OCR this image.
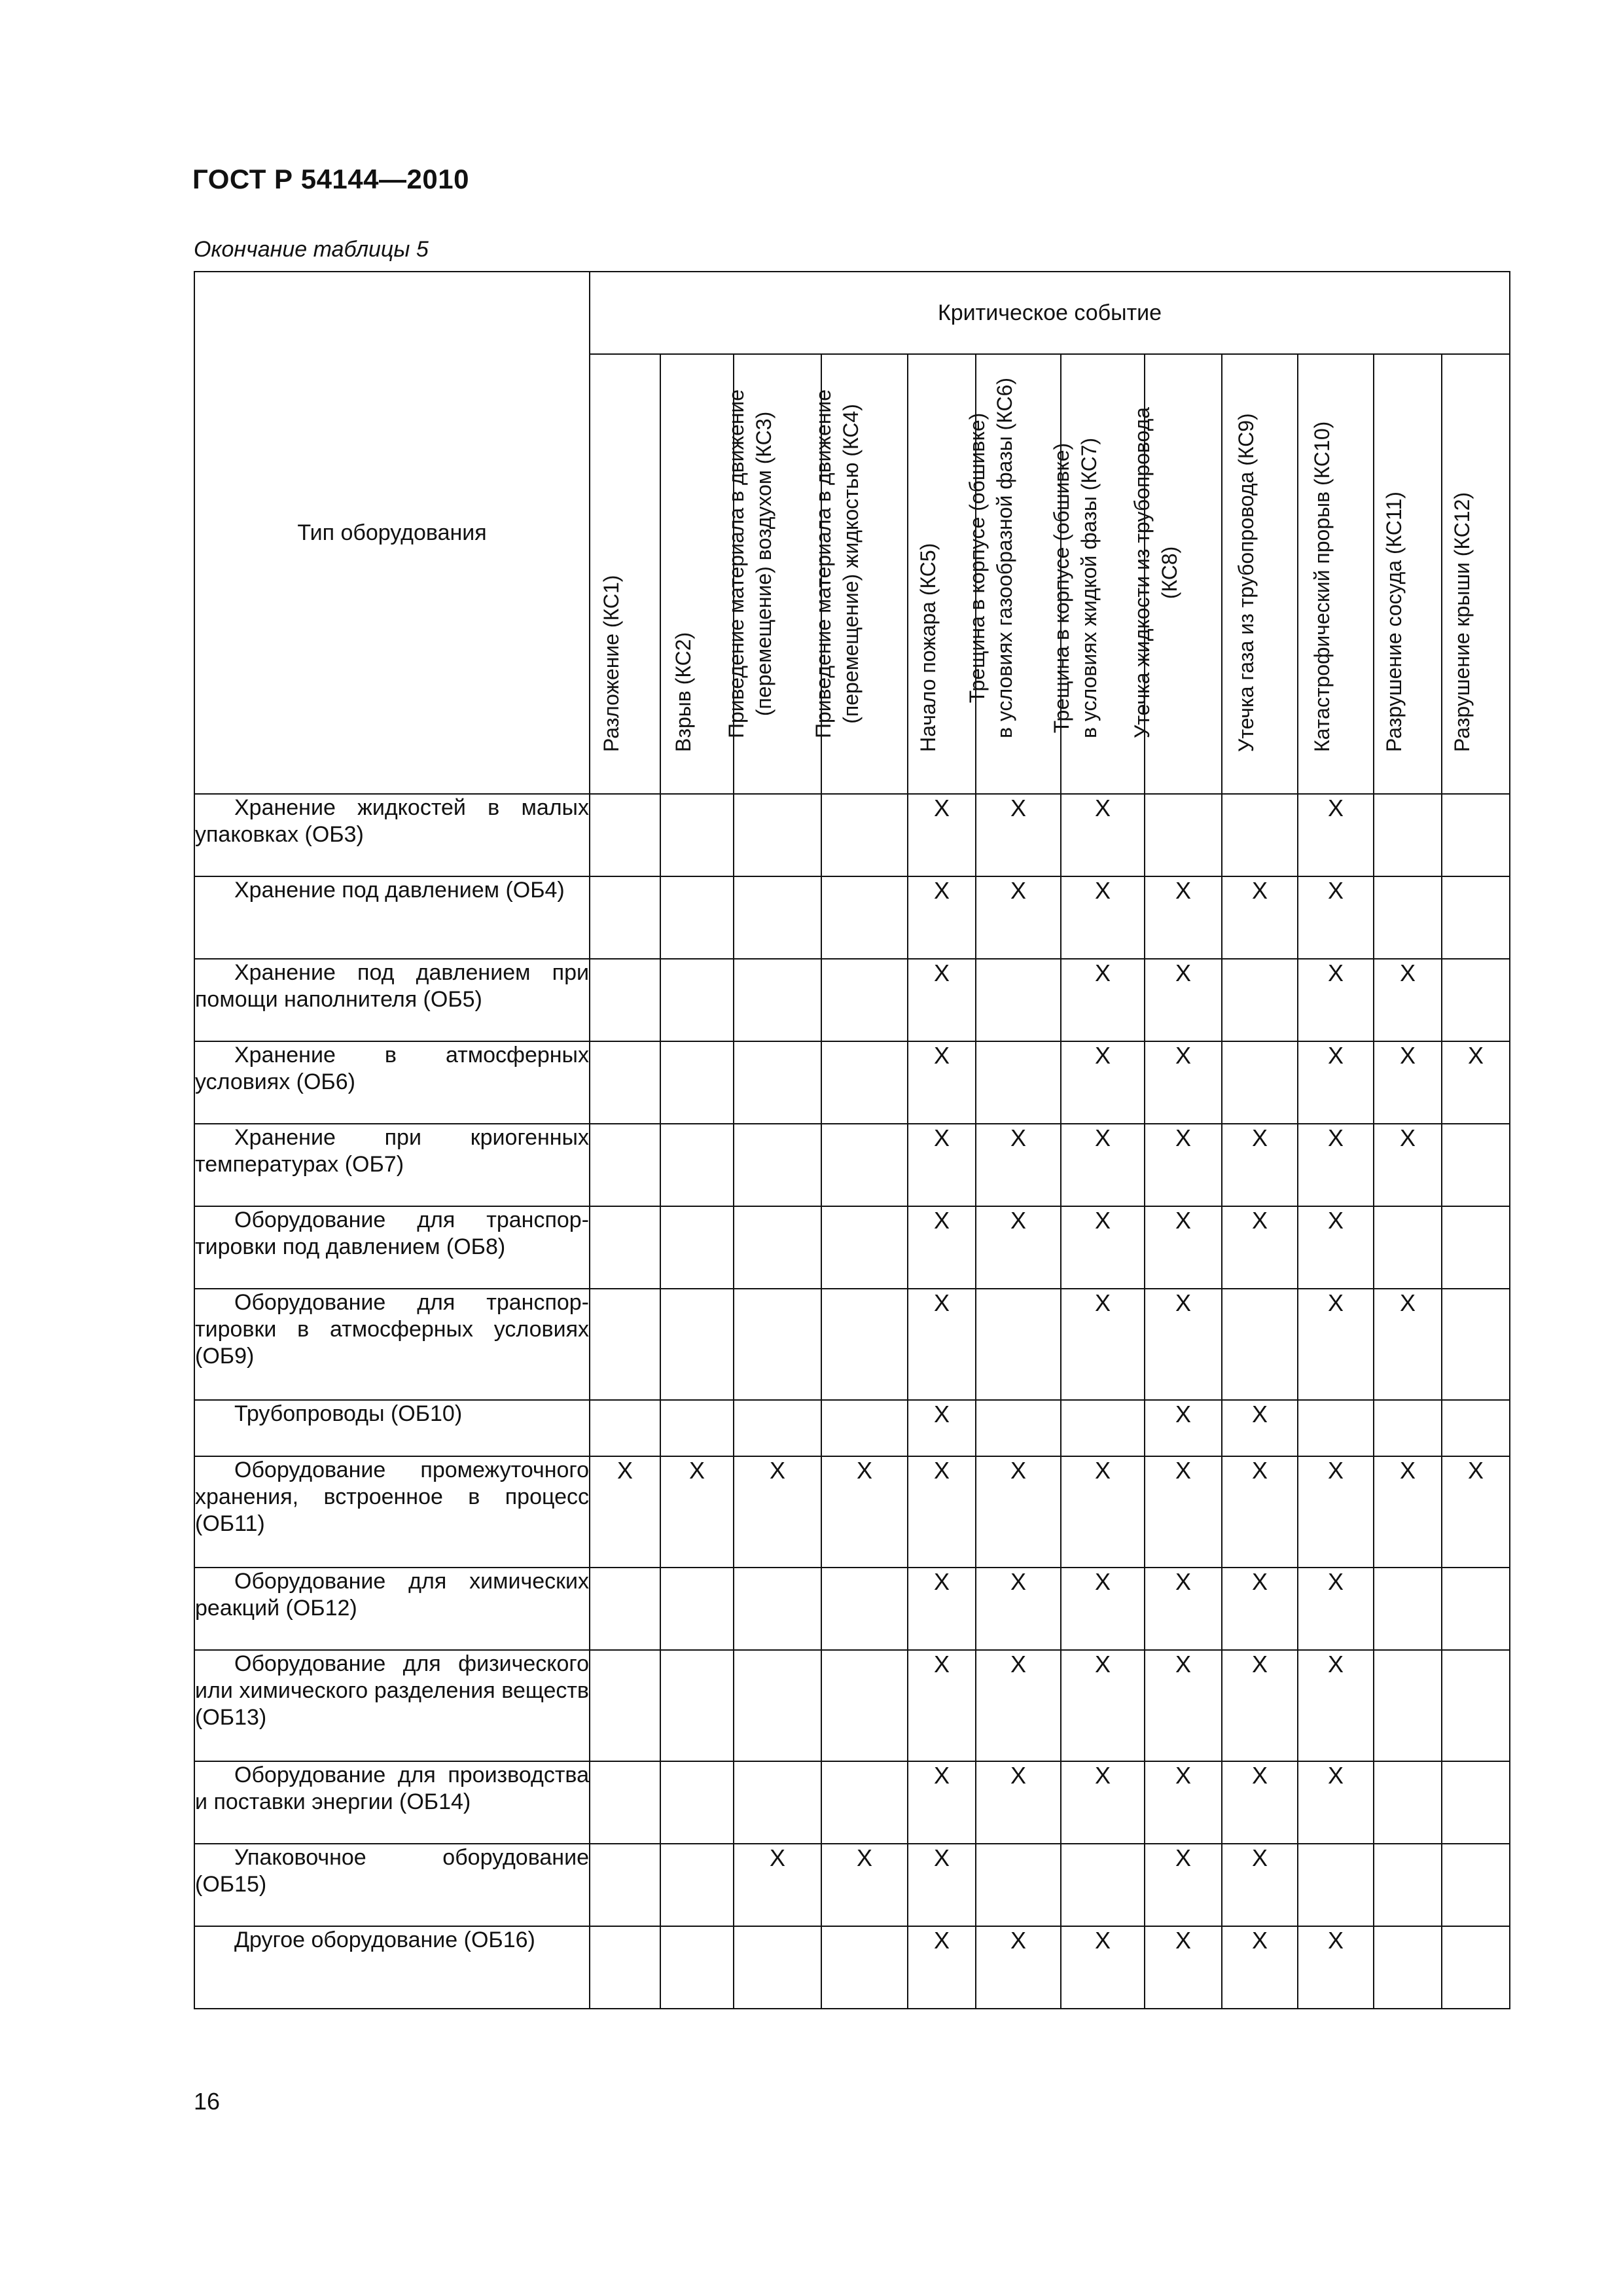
ГОСТ Р 54144—2010
Окончание таблицы 5
Тип оборудования	Критическое событие											

	Разложение (КС1)	Взрыв (КС2)	Приведение материала в движение (перемещение) воздухом (КС3)	Приведение материала в движение (перемещение) жидкостью (КС4)	Начало пожара (КС5)	Трещина в корпусе (обшивке) в условиях газообразной фазы (КС6)	Трещина в корпусе (обшивке) в условиях жидкой фазы (КС7)	Утечка жидкости из трубопровода (КС8)	Утечка газа из трубопровода (КС9)	Катастрофический прорыв (КС10)	Разрушение сосуда (КС11)	Разрушение крыши (КС12)

Хранение жидкостей в малых упаковках (ОБ3)					X	X	X			X		
Хранение под давлением (ОБ4)					X	X	X	X	X	X		
Хранение под давлением при помощи наполнителя (ОБ5)					X		X	X		X	X	
Хранение в атмосферных условиях (ОБ6)					X		X	X		X	X	X
Хранение при криогенных температурах (ОБ7)					X	X	X	X	X	X	X	
Оборудование для транспортировки под давлением (ОБ8)					X	X	X	X	X	X		
Оборудование для транспортировки в атмосферных условиях (ОБ9)					X		X	X		X	X	
Трубопроводы (ОБ10)					X			X	X			
Оборудование промежуточного хранения, встроенное в процесс (ОБ11)	X	X	X	X	X	X	X	X	X	X	X	X
Оборудование для химических реакций (ОБ12)					X	X	X	X	X	X		
Оборудование для физического или химического разделения веществ (ОБ13)					X	X	X	X	X	X		
Оборудование для производства и поставки энергии (ОБ14)					X	X	X	X	X	X		
Упаковочное оборудование (ОБ15)			X	X	X			X	X			
Другое оборудование (ОБ16)					X	X	X	X	X	X		
16
